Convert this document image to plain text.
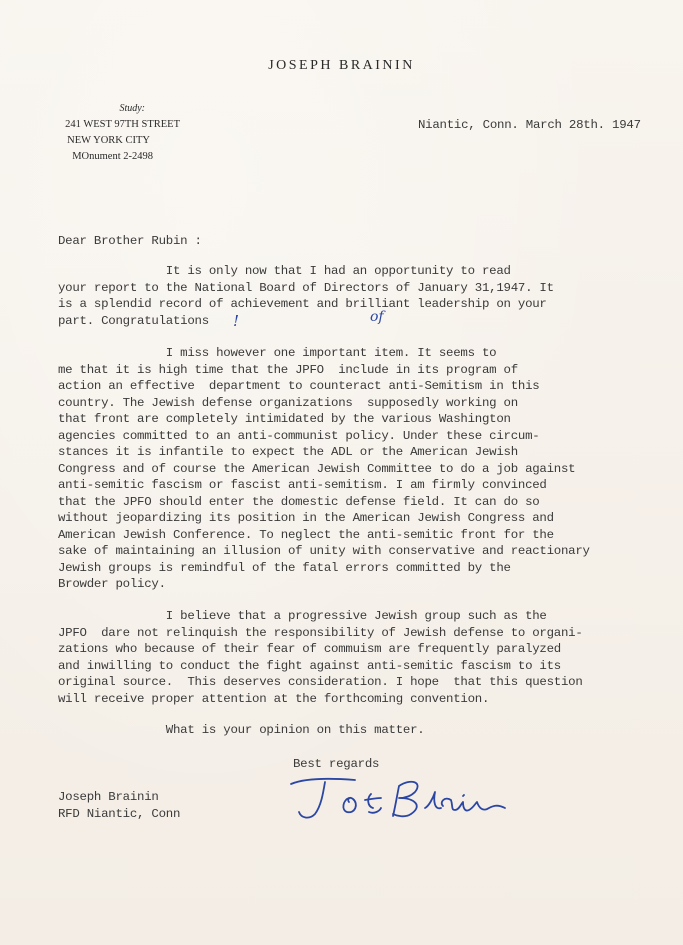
JOSEPH BRAININ
Study:
241 WEST 97TH STREET
NEW YORK CITY
MOnument 2-2498
Niantic, Conn. March 28th. 1947
Dear Brother Rubin :
It is only now that I had an opportunity to read
your report to the National Board of Directors of January 31,1947. It
is a splendid record of achievement and brilliant leadership on your
part. Congratulations
I miss however one important item. It seems to
me that it is high time that the JPFO  include in its program of
action an effective  department to counteract anti-Semitism in this
country. The Jewish defense organizations  supposedly working on
that front are completely intimidated by the various Washington
agencies committed to an anti-communist policy. Under these circum-
stances it is infantile to expect the ADL or the American Jewish
Congress and of course the American Jewish Committee to do a job against
anti-semitic fascism or fascist anti-semitism. I am firmly convinced
that the JPFO should enter the domestic defense field. It can do so
without jeopardizing its position in the American Jewish Congress and
American Jewish Conference. To neglect the anti-semitic front for the
sake of maintaining an illusion of unity with conservative and reactionary
Jewish groups is remindful of the fatal errors committed by the
Browder policy.
I believe that a progressive Jewish group such as the
JPFO  dare not relinquish the responsibility of Jewish defense to organi-
zations who because of their fear of commuism are frequently paralyzed
and inwilling to conduct the fight against anti-semitic fascism to its
original source.  This deserves consideration. I hope  that this question
will receive proper attention at the forthcoming convention.
What is your opinion on this matter.
!	of
Best regards
Joseph Brainin
RFD Niantic, Conn
